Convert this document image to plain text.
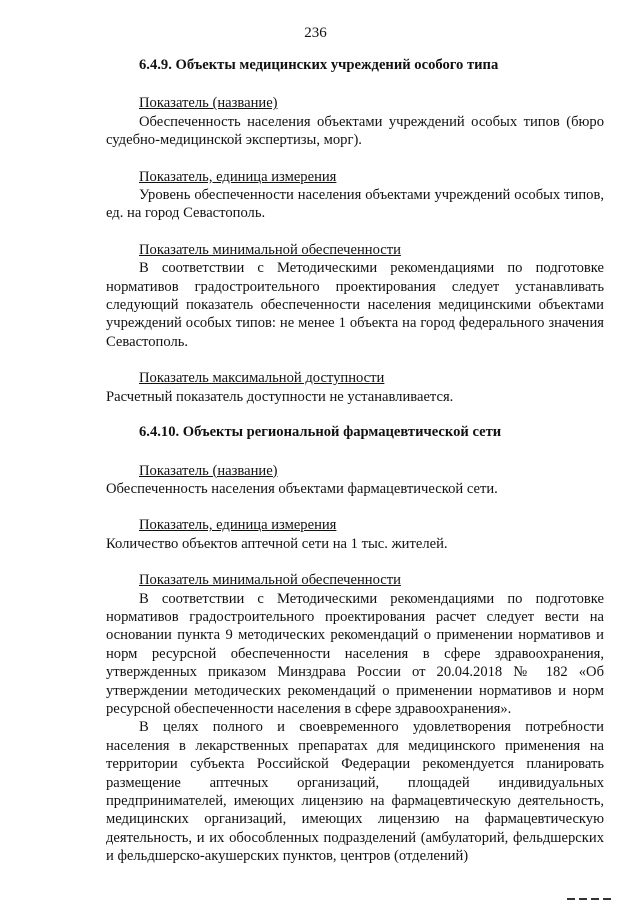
236

6.4.9. Объекты медицинских учреждений особого типа

Показатель (название)

Обеспеченность населения объектами учреждений особых типов (бюро судебно-медицинской экспертизы, морг).

Показатель, единица измерения

Уровень обеспеченности населения объектами учреждений особых типов, ед. на город Севастополь.

Показатель минимальной обеспеченности

В соответствии с Методическими рекомендациями по подготовке нормативов градостроительного проектирования следует устанавливать следующий показатель обеспеченности населения медицинскими объектами учреждений особых типов: не менее 1 объекта на город федерального значения Севастополь.

Показатель максимальной доступности

Расчетный показатель доступности не устанавливается.

6.4.10. Объекты региональной фармацевтической сети

Показатель (название)

Обеспеченность населения объектами фармацевтической сети.

Показатель, единица измерения

Количество объектов аптечной сети на 1 тыс. жителей.

Показатель минимальной обеспеченности

В соответствии с Методическими рекомендациями по подготовке нормативов градостроительного проектирования расчет следует вести на основании пункта 9 методических рекомендаций о применении нормативов и норм ресурсной обеспеченности населения в сфере здравоохранения, утвержденных приказом Минздрава России от 20.04.2018 № 182 «Об утверждении методических рекомендаций о применении нормативов и норм ресурсной обеспеченности населения в сфере здравоохранения».

В целях полного и своевременного удовлетворения потребности населения в лекарственных препаратах для медицинского применения на территории субъекта Российской Федерации рекомендуется планировать размещение аптечных организаций, площадей индивидуальных предпринимателей, имеющих лицензию на фармацевтическую деятельность, медицинских организаций, имеющих лицензию на фармацевтическую деятельность, и их обособленных подразделений (амбулаторий, фельдшерских и фельдшерско-акушерских пунктов, центров (отделений)
